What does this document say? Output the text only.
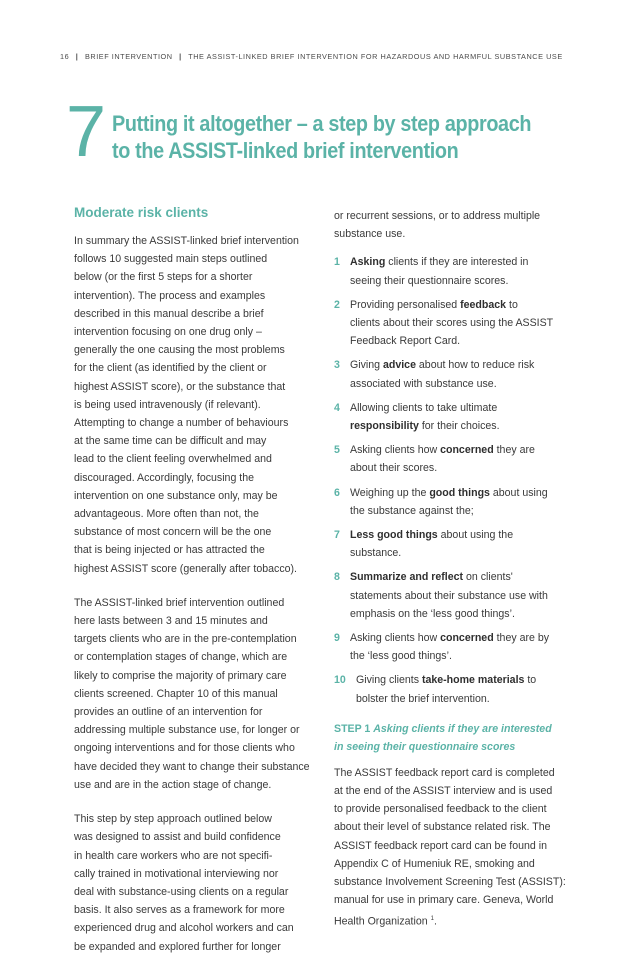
16 | BRIEF INTERVENTION | THE ASSIST-LINKED BRIEF INTERVENTION FOR HAZARDOUS AND HARMFUL SUBSTANCE USE
7 Putting it altogether – a step by step approach
to the ASSIST-linked brief intervention
Moderate risk clients

In summary the ASSIST-linked brief intervention
follows 10 suggested main steps outlined
below (or the first 5 steps for a shorter
intervention). The process and examples
described in this manual describe a brief
intervention focusing on one drug only –
generally the one causing the most problems
for the client (as identified by the client or
highest ASSIST score), or the substance that
is being used intravenously (if relevant).
Attempting to change a number of behaviours
at the same time can be difficult and may
lead to the client feeling overwhelmed and
discouraged. Accordingly, focusing the
intervention on one substance only, may be
advantageous. More often than not, the
substance of most concern will be the one
that is being injected or has attracted the
highest ASSIST score (generally after tobacco).

The ASSIST-linked brief intervention outlined
here lasts between 3 and 15 minutes and
targets clients who are in the pre-contemplation
or contemplation stages of change, which are
likely to comprise the majority of primary care
clients screened. Chapter 10 of this manual
provides an outline of an intervention for
addressing multiple substance use, for longer or
ongoing interventions and for those clients who
have decided they want to change their substance
use and are in the action stage of change.

This step by step approach outlined below
was designed to assist and build confidence
in health care workers who are not specifi-
cally trained in motivational interviewing nor
deal with substance-using clients on a regular
basis. It also serves as a framework for more
experienced drug and alcohol workers and can
be expanded and explored further for longer

or recurrent sessions, or to address multiple
substance use.

1 Asking clients if they are interested in
seeing their questionnaire scores.
2 Providing personalised feedback to
clients about their scores using the ASSIST
Feedback Report Card.
3 Giving advice about how to reduce risk
associated with substance use.
4 Allowing clients to take ultimate
responsibility for their choices.
5 Asking clients how concerned they are
about their scores.
6 Weighing up the good things about using
the substance against the;
7 Less good things about using the
substance.
8 Summarize and reflect on clients'
statements about their substance use with
emphasis on the ‘less good things’.
9 Asking clients how concerned they are by
the ‘less good things’.
10 Giving clients take-home materials to
bolster the brief intervention.
STEP 1 Asking clients if they are interested
in seeing their questionnaire scores

The ASSIST feedback report card is completed
at the end of the ASSIST interview and is used
to provide personalised feedback to the client
about their level of substance related risk. The
ASSIST feedback report card can be found in
Appendix C of Humeniuk RE, smoking and
substance Involvement Screening Test (ASSIST):
manual for use in primary care. Geneva, World
Health Organization $^1$.
